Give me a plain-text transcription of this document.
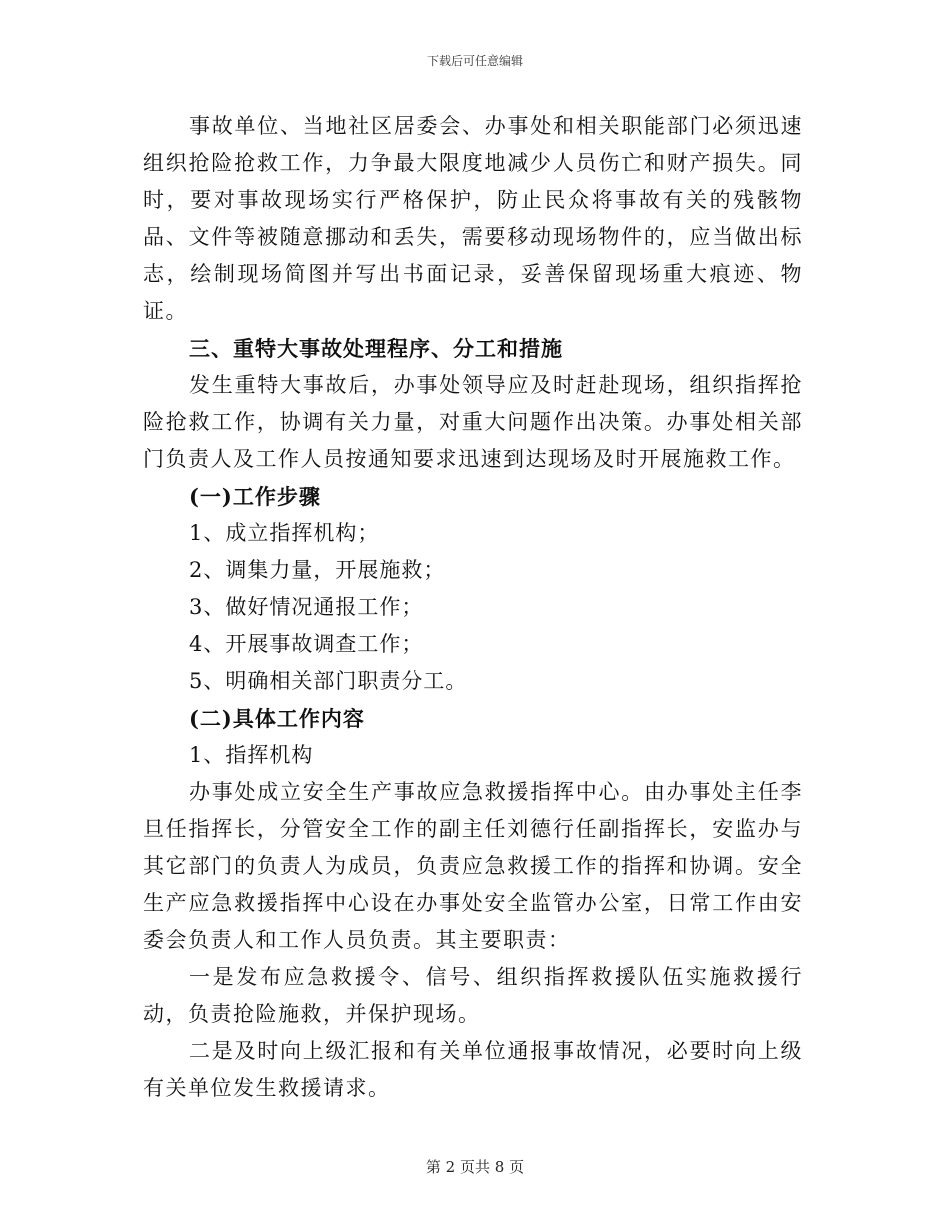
下载后可任意编辑

事故单位、当地社区居委会、办事处和相关职能部门必须迅速组织抢险抢救工作，力争最大限度地减少人员伤亡和财产损失。同时，要对事故现场实行严格保护，防止民众将事故有关的残骸物品、文件等被随意挪动和丢失，需要移动现场物件的，应当做出标志，绘制现场简图并写出书面记录，妥善保留现场重大痕迹、物证。

三、重特大事故处理程序、分工和措施

发生重特大事故后，办事处领导应及时赶赴现场，组织指挥抢险抢救工作，协调有关力量，对重大问题作出决策。办事处相关部门负责人及工作人员按通知要求迅速到达现场及时开展施救工作。

(一)工作步骤

1、成立指挥机构；

2、调集力量，开展施救；

3、做好情况通报工作；

4、开展事故调查工作；

5、明确相关部门职责分工。

(二)具体工作内容

1、指挥机构

办事处成立安全生产事故应急救援指挥中心。由办事处主任李旦任指挥长，分管安全工作的副主任刘德行任副指挥长，安监办与其它部门的负责人为成员，负责应急救援工作的指挥和协调。安全生产应急救援指挥中心设在办事处安全监管办公室，日常工作由安委会负责人和工作人员负责。其主要职责：

一是发布应急救援令、信号、组织指挥救援队伍实施救援行动，负责抢险施救，并保护现场。

二是及时向上级汇报和有关单位通报事故情况，必要时向上级有关单位发生救援请求。

第 2 页共 8 页
